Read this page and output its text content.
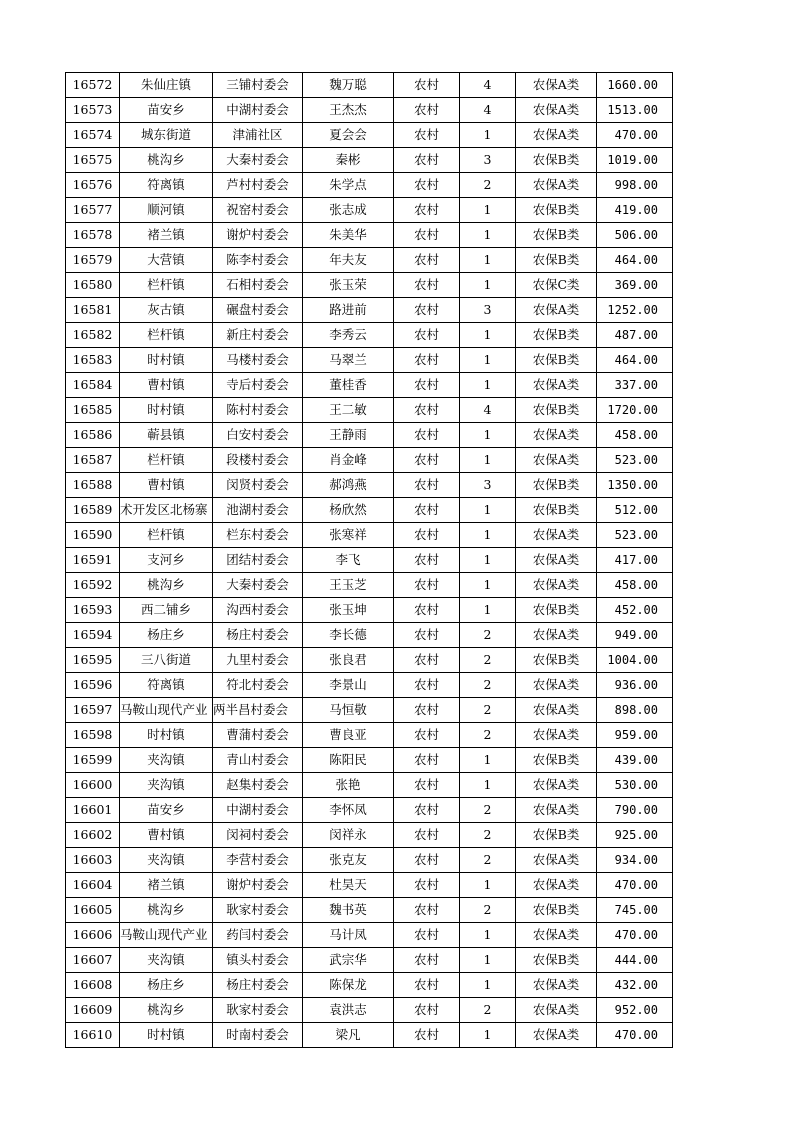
16572	朱仙庄镇	三铺村委会	魏万聪	农村	4	农保A类	1660.00
16573	苗安乡	中湖村委会	王杰杰	农村	4	农保A类	1513.00
16574	城东街道	津浦社区	夏会会	农村	1	农保A类	470.00
16575	桃沟乡	大秦村委会	秦彬	农村	3	农保B类	1019.00
16576	符离镇	芦村村委会	朱学点	农村	2	农保A类	998.00
16577	顺河镇	祝窑村委会	张志成	农村	1	农保B类	419.00
16578	褚兰镇	谢炉村委会	朱美华	农村	1	农保B类	506.00
16579	大营镇	陈李村委会	年夫友	农村	1	农保B类	464.00
16580	栏杆镇	石相村委会	张玉荣	农村	1	农保C类	369.00
16581	灰古镇	碾盘村委会	路进前	农村	3	农保A类	1252.00
16582	栏杆镇	新庄村委会	李秀云	农村	1	农保B类	487.00
16583	时村镇	马楼村委会	马翠兰	农村	1	农保B类	464.00
16584	曹村镇	寺后村委会	董桂香	农村	1	农保A类	337.00
16585	时村镇	陈村村委会	王二敏	农村	4	农保B类	1720.00
16586	蕲县镇	白安村委会	王静雨	农村	1	农保A类	458.00
16587	栏杆镇	段楼村委会	肖金峰	农村	1	农保A类	523.00
16588	曹村镇	闵贤村委会	郝鸿燕	农村	3	农保B类	1350.00
16589	术开发区北杨寨	池湖村委会	杨欣然	农村	1	农保B类	512.00
16590	栏杆镇	栏东村委会	张寒祥	农村	1	农保A类	523.00
16591	支河乡	团结村委会	李飞	农村	1	农保A类	417.00
16592	桃沟乡	大秦村委会	王玉芝	农村	1	农保A类	458.00
16593	西二铺乡	沟西村委会	张玉坤	农村	1	农保B类	452.00
16594	杨庄乡	杨庄村委会	李长德	农村	2	农保A类	949.00
16595	三八街道	九里村委会	张良君	农村	2	农保B类	1004.00
16596	符离镇	符北村委会	李景山	农村	2	农保A类	936.00
16597	马鞍山现代产业	两半昌村委会	马恒敬	农村	2	农保A类	898.00
16598	时村镇	曹蒲村委会	曹良亚	农村	2	农保A类	959.00
16599	夹沟镇	青山村委会	陈阳民	农村	1	农保B类	439.00
16600	夹沟镇	赵集村委会	张艳	农村	1	农保A类	530.00
16601	苗安乡	中湖村委会	李怀凤	农村	2	农保A类	790.00
16602	曹村镇	闵祠村委会	闵祥永	农村	2	农保B类	925.00
16603	夹沟镇	李营村委会	张克友	农村	2	农保A类	934.00
16604	褚兰镇	谢炉村委会	杜昊天	农村	1	农保A类	470.00
16605	桃沟乡	耿家村委会	魏书英	农村	2	农保B类	745.00
16606	马鞍山现代产业	药闫村委会	马计凤	农村	1	农保A类	470.00
16607	夹沟镇	镇头村委会	武宗华	农村	1	农保B类	444.00
16608	杨庄乡	杨庄村委会	陈保龙	农村	1	农保A类	432.00
16609	桃沟乡	耿家村委会	袁洪志	农村	2	农保A类	952.00
16610	时村镇	时南村委会	梁凡	农村	1	农保A类	470.00
